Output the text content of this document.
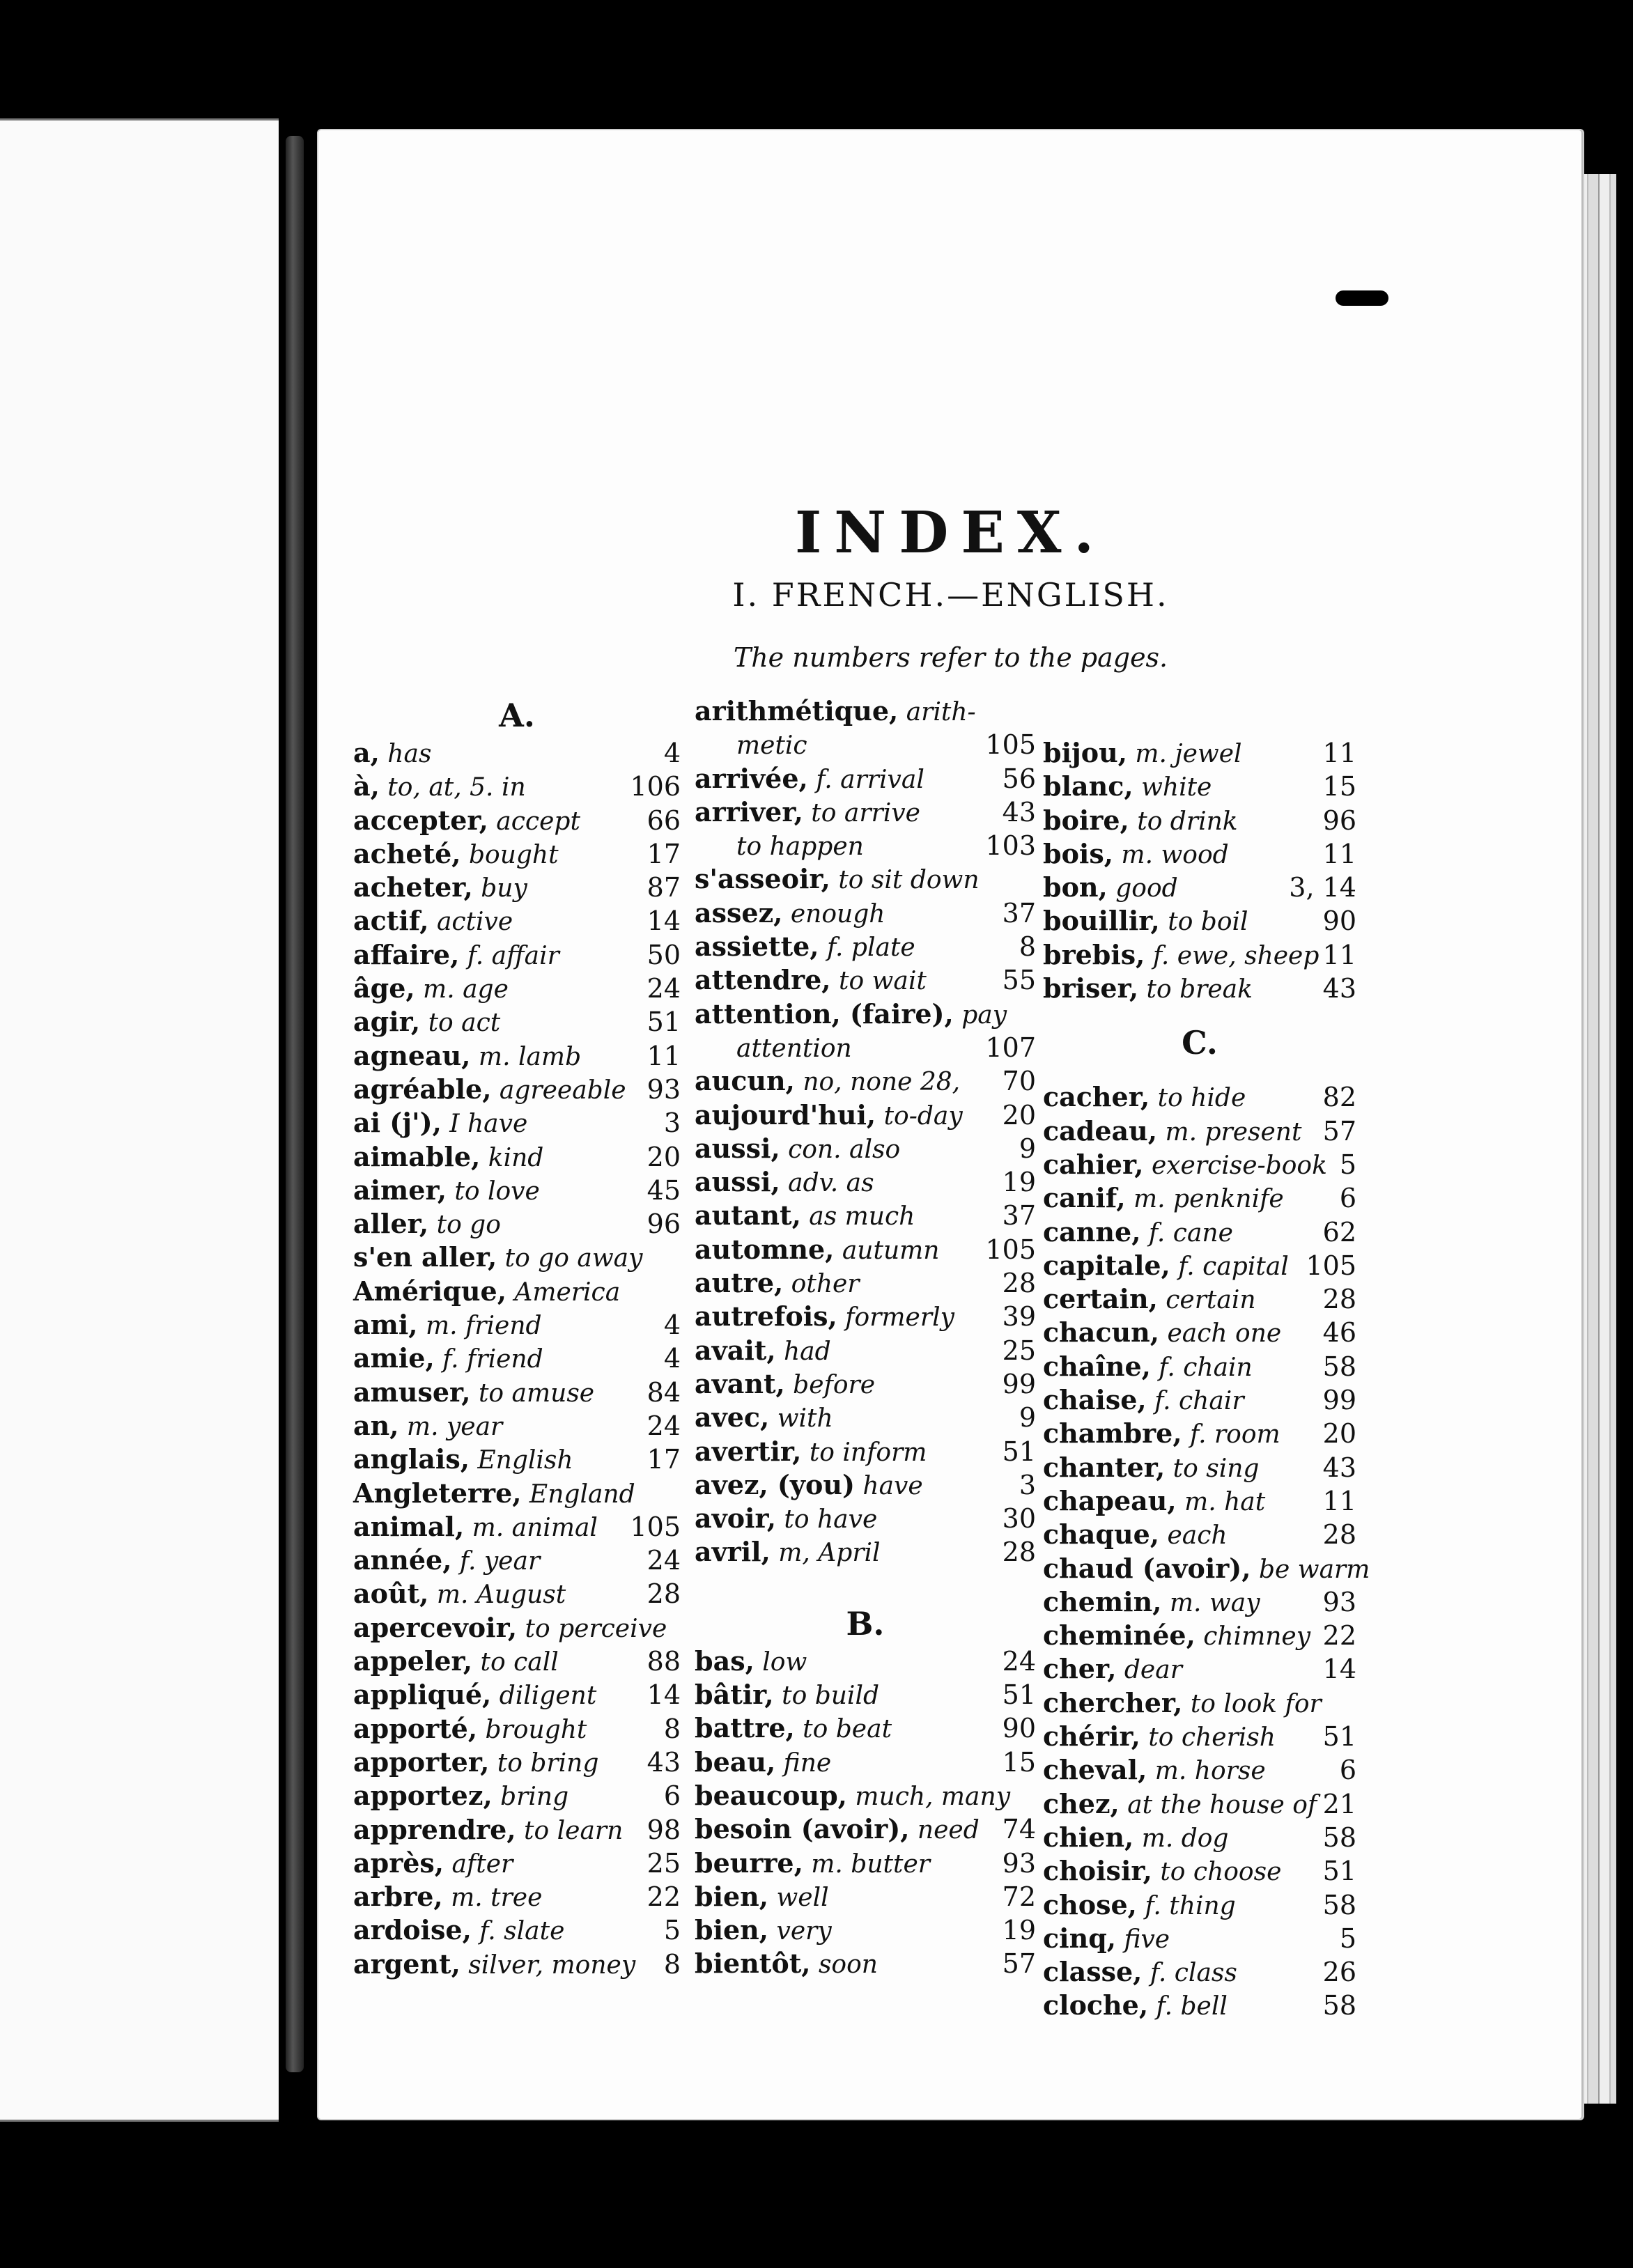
INDEX.
I. FRENCH.—ENGLISH.
The numbers refer to the pages.
A.
a, has	4
à, to, at, 5. in	106
accepter, accept	66
acheté, bought	17
acheter, buy	87
actif, active	14
affaire, f. affair	50
âge, m. age	24
agir, to act	51
agneau, m. lamb 11
agréable, agreeable 93
ai (j'), I have	3
aimable, kind	20
aimer, to love	45
aller, to go	96
s'en aller, to go away
Amérique, America
ami, m. friend	4
amie, f. friend	4
amuser, to amuse 84
an, m. year	24
anglais, English	17
Angleterre, England
animal, m. animal 105
année, f. year	24
août, m. August	28
apercevoir, to perceive
appeler, to call	88
appliqué, diligent 14
apporté, brought	8
apporter, to bring 43
apportez, bring	6
apprendre, to learn 98
après, after	25
arbre, m. tree	22
ardoise, f. slate	5
argent, silver, money 8
arithmétique, arith-
metic	105
arrivée, f. arrival	56
arriver, to arrive	43
to happen	103
s'asseoir, to sit down
assez, enough	37
assiette, f. plate	8
attendre, to wait	55
attention, (faire), pay
attention	107
aucun, no, none 28, 70
aujourd'hui, to-day 20
aussi, con. also	9
aussi, adv. as	19
autant, as much	37
automne, autumn 105
autre, other	28
autrefois, formerly 39
avait, had	25
avant, before	99
avec, with	9
avertir, to inform	51
avez, (you) have	3
avoir, to have	30
avril, m, April	28
B.
bas, low	24
bâtir, to build	51
battre, to beat	90
beau, fine	15
beaucoup, much, many
besoin (avoir), need 74
beurre, m. butter	93
bien, well	72
bien, very	19
bientôt, soon	57
bijou, m. jewel	11
blanc, white	15
boire, to drink	96
bois, m. wood	11
bon, good	3, 14
bouillir, to boil	90
brebis, f. ewe, sheep 11
briser, to break	43
C.
cacher, to hide	82
cadeau, m. present 57
cahier, exercise-book 5
canif, m. penknife 6
canne, f. cane	62
capitale, f. capital 105
certain, certain	28
chacun, each one 46
chaîne, f. chain	58
chaise, f. chair	99
chambre, f. room 20
chanter, to sing 43
chapeau, m. hat 11
chaque, each	28
chaud (avoir), be warm
chemin, m. way 93
cheminée, chimney 22
cher, dear	14
chercher, to look for
chérir, to cherish 51
cheval, m. horse	6
chez, at the house of 21
chien, m. dog	58
choisir, to choose 51
chose, f. thing	58
cinq, five	5
classe, f. class	26
cloche, f. bell	58
